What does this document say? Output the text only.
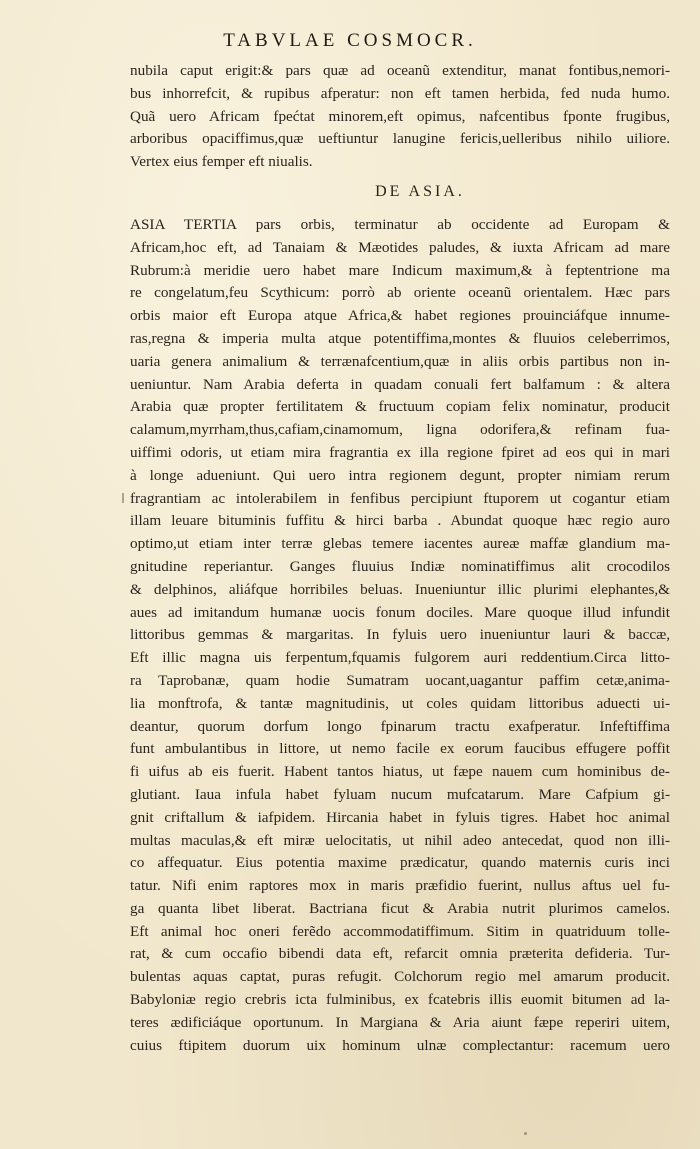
TABVLAE COSMOCR.
nubila caput erigit:& pars quæ ad oceanũ extenditur, manat fontibus,nemori-
bus inhorrefcit, & rupibus afperatur: non eft tamen herbida, fed nuda humo.
Quã uero Africam fpećtat minorem,eft opimus, nafcentibus fponte frugibus,
arboribus opaciffimus,quæ ueftiuntur lanugine fericis,uelleribus nihilo uiliore.
Vertex eius femper eft niualis.
DE ASIA.
ASIA TERTIA pars orbis, terminatur ab occidente ad Europam &
Africam,hoc eft, ad Tanaiam & Mæotides paludes, & iuxta Africam ad mare
Rubrum:à meridie uero habet mare Indicum maximum,& à feptentrione ma
re congelatum,feu Scythicum: porrò ab oriente oceanũ orientalem. Hæc pars
orbis maior eft Europa atque Africa,& habet regiones prouinciáfque innume-
ras,regna & imperia multa atque potentiffima,montes & fluuios celeberrimos,
uaria genera animalium & terrænafcentium,quæ in aliis orbis partibus non in-
ueniuntur. Nam Arabia deferta in quadam conuali fert balfamum : & altera
Arabia quæ propter fertilitatem & fructuum copiam felix nominatur, producit
calamum,myrrham,thus,cafiam,cinamomum, ligna odorifera,& refinam fua-
uiffimi odoris, ut etiam mira fragrantia ex illa regione fpiret ad eos qui in mari
à longe adueniunt. Qui uero intra regionem degunt, propter nimiam rerum
fragrantiam ac intolerabilem in fenfibus percipiunt ftuporem ut cogantur etiam
illam leuare bituminis fuffitu & hirci barba . Abundat quoque hæc regio auro
optimo,ut etiam inter terræ glebas temere iacentes aureæ maffæ glandium ma-
gnitudine reperiantur. Ganges fluuius Indiæ nominatiffimus alit crocodilos
& delphinos, aliáfque horribiles beluas. Inueniuntur illic plurimi elephantes,&
aues ad imitandum humanæ uocis fonum dociles. Mare quoque illud infundit
littoribus gemmas & margaritas. In fyluis uero inueniuntur lauri & baccæ,
Eft illic magna uis ferpentum,fquamis fulgorem auri reddentium.Circa litto-
ra Taprobanæ, quam hodie Sumatram uocant,uagantur paffim cetæ,anima-
lia monftrofa, & tantæ magnitudinis, ut coles quidam littoribus aduecti ui-
deantur, quorum dorfum longo fpinarum tractu exafperatur. Infeftiffima
funt ambulantibus in littore, ut nemo facile ex eorum faucibus effugere poffit
fi uifus ab eis fuerit. Habent tantos hiatus, ut fæpe nauem cum hominibus de-
glutiant. Iaua infula habet fyluam nucum mufcatarum. Mare Cafpium gi-
gnit criftallum & iafpidem. Hircania habet in fyluis tigres. Habet hoc animal
multas maculas,& eft miræ uelocitatis, ut nihil adeo antecedat, quod non illi-
co affequatur. Eius potentia maxime prædicatur, quando maternis curis inci
tatur. Nifi enim raptores mox in maris præfidio fuerint, nullus aftus uel fu-
ga quanta libet liberat. Bactriana ficut & Arabia nutrit plurimos camelos.
Eft animal hoc oneri ferẽdo accommodatiffimum. Sitim in quatriduum tolle-
rat, & cum occafio bibendi data eft, refarcit omnia præterita defideria. Tur-
bulentas aquas captat, puras refugit. Colchorum regio mel amarum producit.
Babyloniæ regio crebris icta fulminibus, ex fcatebris illis euomit bitumen ad la-
teres ædificiáque oportunum. In Margiana & Aria aiunt fæpe reperiri uitem,
cuius ftipitem duorum uix hominum ulnæ complectantur: racemum uero
